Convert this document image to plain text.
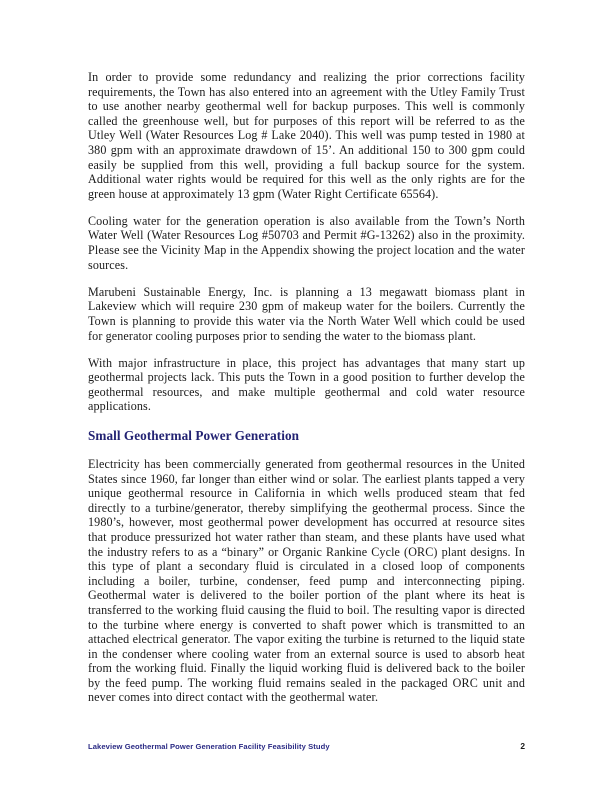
In order to provide some redundancy and realizing the prior corrections facility requirements, the Town has also entered into an agreement with the Utley Family Trust to use another nearby geothermal well for backup purposes. This well is commonly called the greenhouse well, but for purposes of this report will be referred to as the Utley Well (Water Resources Log # Lake 2040). This well was pump tested in 1980 at 380 gpm with an approximate drawdown of 15’. An additional 150 to 300 gpm could easily be supplied from this well, providing a full backup source for the system. Additional water rights would be required for this well as the only rights are for the green house at approximately 13 gpm (Water Right Certificate 65564).

Cooling water for the generation operation is also available from the Town’s North Water Well (Water Resources Log #50703 and Permit #G-13262) also in the proximity. Please see the Vicinity Map in the Appendix showing the project location and the water sources.

Marubeni Sustainable Energy, Inc. is planning a 13 megawatt biomass plant in Lakeview which will require 230 gpm of makeup water for the boilers. Currently the Town is planning to provide this water via the North Water Well which could be used for generator cooling purposes prior to sending the water to the biomass plant.

With major infrastructure in place, this project has advantages that many start up geothermal projects lack. This puts the Town in a good position to further develop the geothermal resources, and make multiple geothermal and cold water resource applications.

Small Geothermal Power Generation

Electricity has been commercially generated from geothermal resources in the United States since 1960, far longer than either wind or solar. The earliest plants tapped a very unique geothermal resource in California in which wells produced steam that fed directly to a turbine/generator, thereby simplifying the geothermal process. Since the 1980’s, however, most geothermal power development has occurred at resource sites that produce pressurized hot water rather than steam, and these plants have used what the industry refers to as a “binary” or Organic Rankine Cycle (ORC) plant designs. In this type of plant a secondary fluid is circulated in a closed loop of components including a boiler, turbine, condenser, feed pump and interconnecting piping. Geothermal water is delivered to the boiler portion of the plant where its heat is transferred to the working fluid causing the fluid to boil. The resulting vapor is directed to the turbine where energy is converted to shaft power which is transmitted to an attached electrical generator. The vapor exiting the turbine is returned to the liquid state in the condenser where cooling water from an external source is used to absorb heat from the working fluid. Finally the liquid working fluid is delivered back to the boiler by the feed pump. The working fluid remains sealed in the packaged ORC unit and never comes into direct contact with the geothermal water.

Lakeview Geothermal Power Generation Facility Feasibility Study	2
